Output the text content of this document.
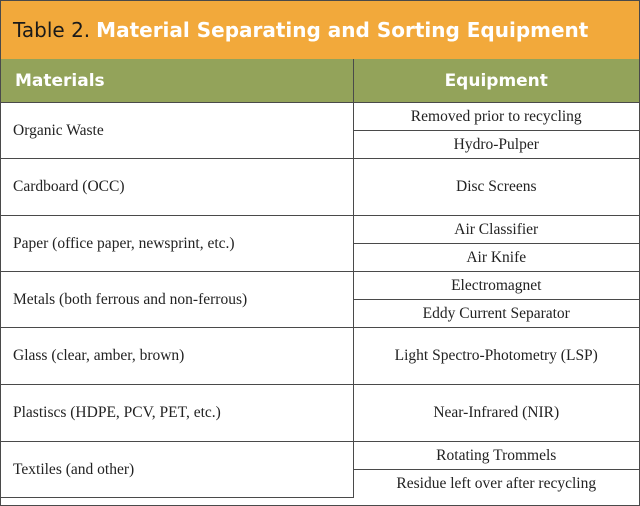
Table 2. Material Separating and Sorting Equipment
Materials	Equipment
Organic Waste	Removed prior to recycling
	Hydro-Pulper
Cardboard (OCC)	Disc Screens
Paper (office paper, newsprint, etc.)	Air Classifier
	Air Knife
Metals (both ferrous and non-ferrous)	Electromagnet
	Eddy Current Separator
Glass (clear, amber, brown)	Light Spectro-Photometry (LSP)
Plastiscs (HDPE, PCV, PET, etc.)	Near-Infrared (NIR)
Textiles (and other)	Rotating Trommels
	Residue left over after recycling
